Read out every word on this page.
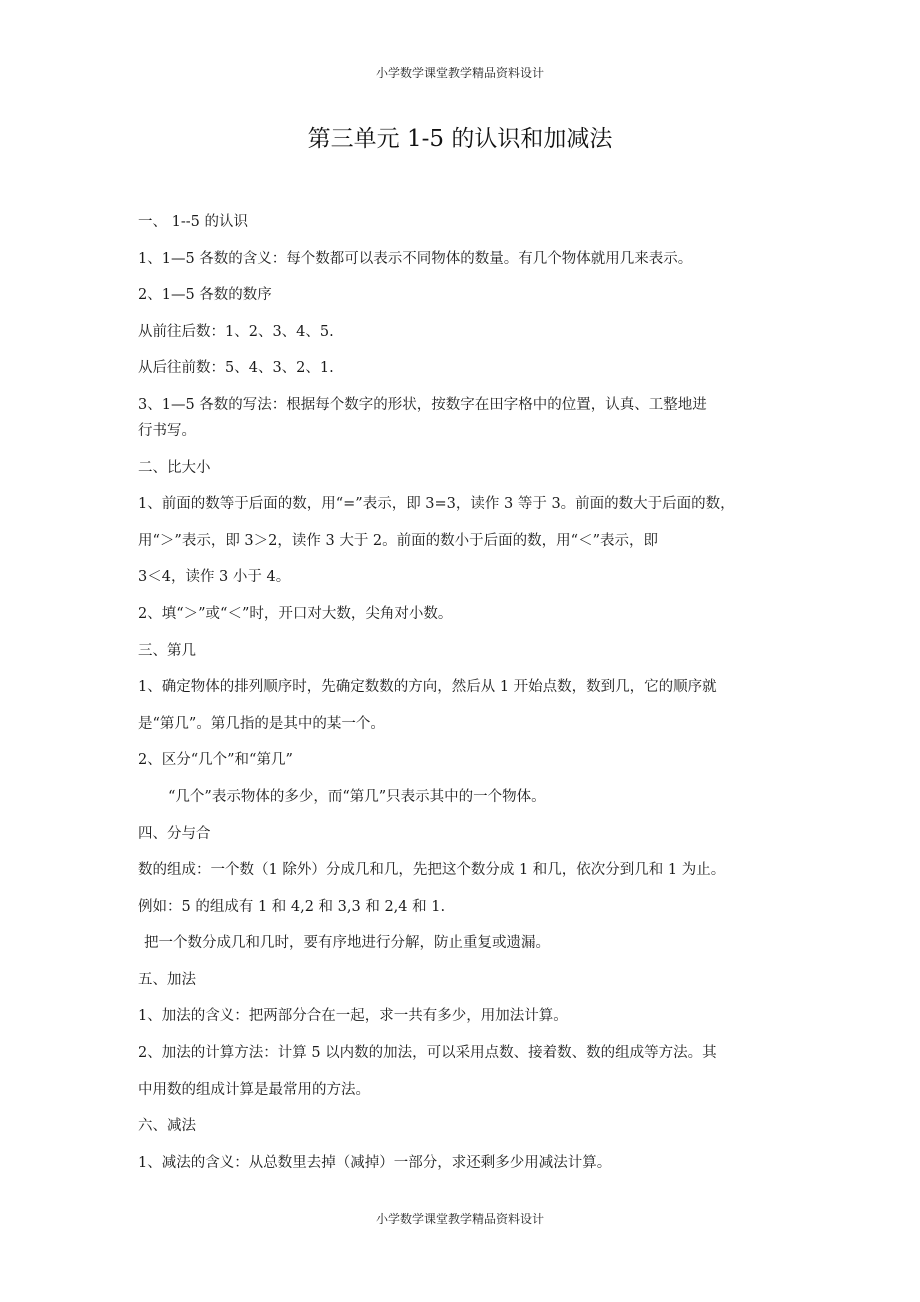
小学数学课堂教学精品资料设计
第三单元 1-5 的认识和加减法
一、 1--5 的认识
1、1—5 各数的含义：每个数都可以表示不同物体的数量。有几个物体就用几来表示。
2、1—5 各数的数序
从前往后数：1、2、3、4、5.
从后往前数：5、4、3、2、1.
3、1—5 各数的写法：根据每个数字的形状，按数字在田字格中的位置，认真、工整地进
行书写。
二、比大小
1、前面的数等于后面的数，用“=”表示，即 3=3，读作 3 等于 3。前面的数大于后面的数，
用“＞”表示，即 3＞2，读作 3 大于 2。前面的数小于后面的数，用“＜”表示，即
3＜4，读作 3 小于 4。
2、填“＞”或“＜”时，开口对大数，尖角对小数。
三、第几
1、确定物体的排列顺序时，先确定数数的方向，然后从 1 开始点数，数到几，它的顺序就
是“第几”。第几指的是其中的某一个。
2、区分“几个”和“第几”
“几个”表示物体的多少，而“第几”只表示其中的一个物体。
四、分与合
数的组成：一个数（1 除外）分成几和几，先把这个数分成 1 和几，依次分到几和 1 为止。
例如：5 的组成有 1 和 4,2 和 3,3 和 2,4 和 1.
把一个数分成几和几时，要有序地进行分解，防止重复或遗漏。
五、加法
1、加法的含义：把两部分合在一起，求一共有多少，用加法计算。
2、加法的计算方法：计算 5 以内数的加法，可以采用点数、接着数、数的组成等方法。其
中用数的组成计算是最常用的方法。
六、减法
1、减法的含义：从总数里去掉（减掉）一部分，求还剩多少用减法计算。
小学数学课堂教学精品资料设计
